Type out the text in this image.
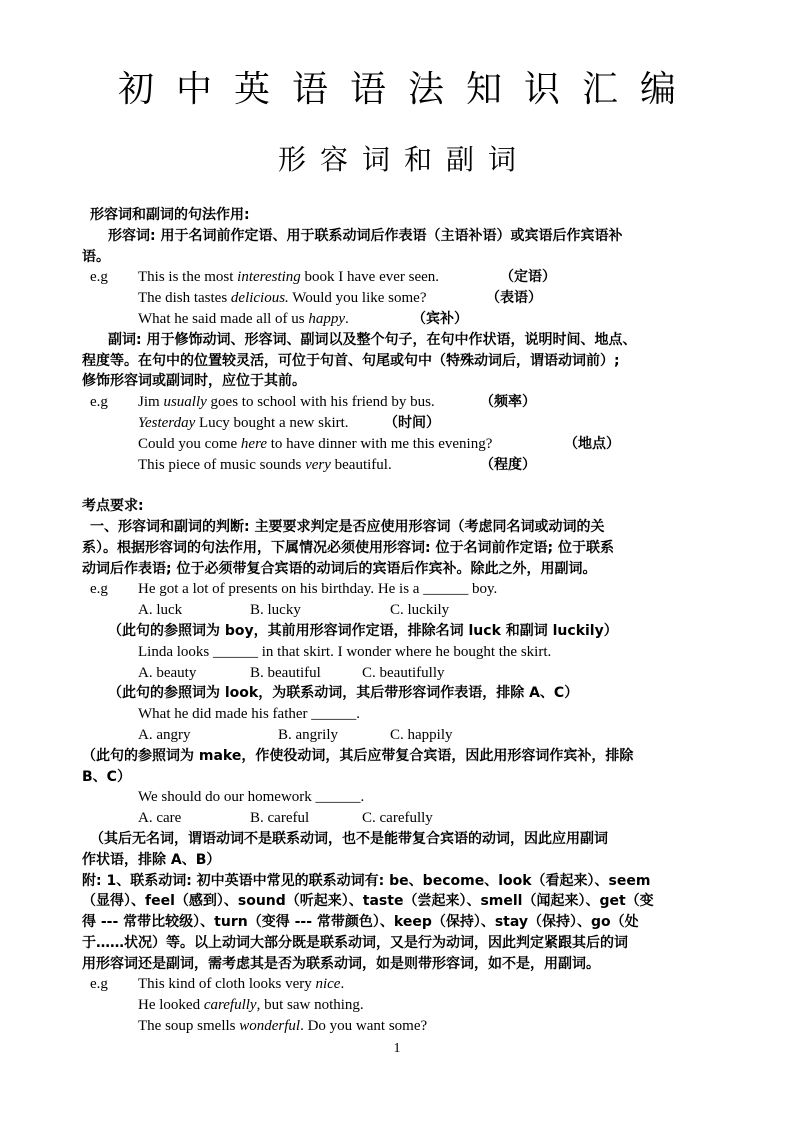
初中英语语法知识汇编
形容词和副词
形容词和副词的句法作用:
形容词: 用于名词前作定语、用于联系动词后作表语（主语补语）或宾语后作宾语补
语。
e.g This is the most interesting book I have ever seen.	（定语）
The dish tastes delicious. Would you like some?	（表语）
What he said made all of us happy.	（宾补）
副词: 用于修饰动词、形容词、副词以及整个句子，在句中作状语，说明时间、地点、
程度等。在句中的位置较灵活，可位于句首、句尾或句中（特殊动词后，谓语动词前）;
修饰形容词或副词时，应位于其前。
e.g Jim usually goes to school with his friend by bus.	（频率）
Yesterday Lucy bought a new skirt.	（时间）
Could you come here to have dinner with me this evening?	（地点）
This piece of music sounds very beautiful.	（程度）
考点要求:
一、形容词和副词的判断: 主要要求判定是否应使用形容词（考虑同名词或动词的关
系）。根据形容词的句法作用，下属情况必须使用形容词: 位于名词前作定语; 位于联系
动词后作表语; 位于必须带复合宾语的动词后的宾语后作宾补。除此之外，用副词。
e.g He got a lot of presents on his birthday. He is a ______ boy.
A. luck	B. lucky	C. luckily
（此句的参照词为 boy，其前用形容词作定语，排除名词 luck 和副词 luckily）
Linda looks ______ in that skirt. I wonder where he bought the skirt.
A. beauty	B. beautiful	C. beautifully
（此句的参照词为 look，为联系动词，其后带形容词作表语，排除 A、C）
What he did made his father ______.
A. angry	B. angrily	C. happily
（此句的参照词为 make，作使役动词，其后应带复合宾语，因此用形容词作宾补，排除
B、C）
We should do our homework ______.
A. care	B. careful	C. carefully
（其后无名词，谓语动词不是联系动词，也不是能带复合宾语的动词，因此应用副词
作状语，排除 A、B）
附: 1、联系动词: 初中英语中常见的联系动词有: be、become、look（看起来）、seem
（显得）、feel（感到）、sound（听起来）、taste（尝起来）、smell（闻起来）、get（变
得 --- 常带比较级）、turn（变得 --- 常带颜色）、keep（保持）、stay（保持）、go（处
于……状况）等。以上动词大部分既是联系动词，又是行为动词，因此判定紧跟其后的词
用形容词还是副词，需考虑其是否为联系动词，如是则带形容词，如不是，用副词。
e.g This kind of cloth looks very nice.
He looked carefully, but saw nothing.
The soup smells wonderful. Do you want some?
1
